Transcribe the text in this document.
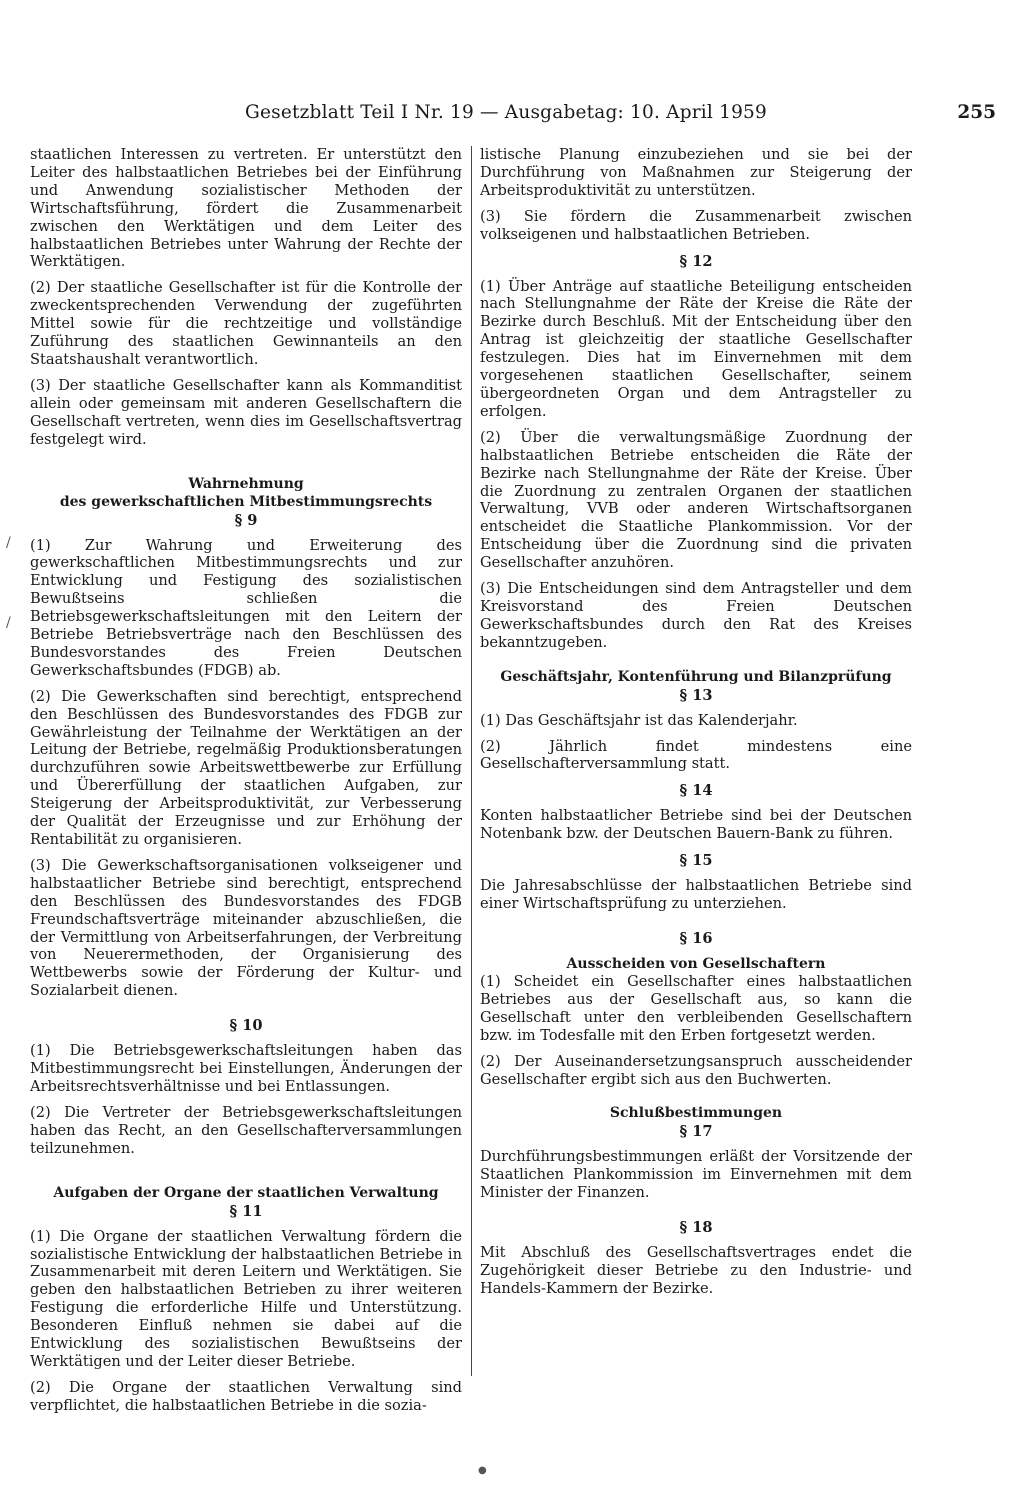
Gesetzblatt Teil I Nr. 19 — Ausgabetag: 10. April 1959	255

staatlichen Interessen zu vertreten. Er unterstützt den Leiter des halbstaatlichen Betriebes bei der Einführung und Anwendung sozialistischer Methoden der Wirtschaftsführung, fördert die Zusammenarbeit zwischen den Werktätigen und dem Leiter des halbstaatlichen Betriebes unter Wahrung der Rechte der Werktätigen.

(2) Der staatliche Gesellschafter ist für die Kontrolle der zweckentsprechenden Verwendung der zugeführten Mittel sowie für die rechtzeitige und vollständige Zuführung des staatlichen Gewinnanteils an den Staatshaushalt verantwortlich.

(3) Der staatliche Gesellschafter kann als Kommanditist allein oder gemeinsam mit anderen Gesellschaftern die Gesellschaft vertreten, wenn dies im Gesellschaftsvertrag festgelegt wird.

Wahrnehmung
des gewerkschaftlichen Mitbestimmungsrechts
§ 9

(1) Zur Wahrung und Erweiterung des gewerkschaftlichen Mitbestimmungsrechts und zur Entwicklung und Festigung des sozialistischen Bewußtseins schließen die Betriebsgewerkschaftsleitungen mit den Leitern der Betriebe Betriebsverträge nach den Beschlüssen des Bundesvorstandes des Freien Deutschen Gewerkschaftsbundes (FDGB) ab.

(2) Die Gewerkschaften sind berechtigt, entsprechend den Beschlüssen des Bundesvorstandes des FDGB zur Gewährleistung der Teilnahme der Werktätigen an der Leitung der Betriebe, regelmäßig Produktionsberatungen durchzuführen sowie Arbeitswettbewerbe zur Erfüllung und Übererfüllung der staatlichen Aufgaben, zur Steigerung der Arbeitsproduktivität, zur Verbesserung der Qualität der Erzeugnisse und zur Erhöhung der Rentabilität zu organisieren.

(3) Die Gewerkschaftsorganisationen volkseigener und halbstaatlicher Betriebe sind berechtigt, entsprechend den Beschlüssen des Bundesvorstandes des FDGB Freundschaftsverträge miteinander abzuschließen, die der Vermittlung von Arbeitserfahrungen, der Verbreitung von Neuerermethoden, der Organisierung des Wettbewerbs sowie der Förderung der Kultur- und Sozialarbeit dienen.

§ 10

(1) Die Betriebsgewerkschaftsleitungen haben das Mitbestimmungsrecht bei Einstellungen, Änderungen der Arbeitsrechtsverhältnisse und bei Entlassungen.

(2) Die Vertreter der Betriebsgewerkschaftsleitungen haben das Recht, an den Gesellschafterversammlungen teilzunehmen.

Aufgaben der Organe der staatlichen Verwaltung
§ 11

(1) Die Organe der staatlichen Verwaltung fördern die sozialistische Entwicklung der halbstaatlichen Betriebe in Zusammenarbeit mit deren Leitern und Werktätigen. Sie geben den halbstaatlichen Betrieben zu ihrer weiteren Festigung die erforderliche Hilfe und Unterstützung. Besonderen Einfluß nehmen sie dabei auf die Entwicklung des sozialistischen Bewußtseins der Werktätigen und der Leiter dieser Betriebe.

(2) Die Organe der staatlichen Verwaltung sind verpflichtet, die halbstaatlichen Betriebe in die sozia-

listische Planung einzubeziehen und sie bei der Durchführung von Maßnahmen zur Steigerung der Arbeitsproduktivität zu unterstützen.

(3) Sie fördern die Zusammenarbeit zwischen volkseigenen und halbstaatlichen Betrieben.

§ 12

(1) Über Anträge auf staatliche Beteiligung entscheiden nach Stellungnahme der Räte der Kreise die Räte der Bezirke durch Beschluß. Mit der Entscheidung über den Antrag ist gleichzeitig der staatliche Gesellschafter festzulegen. Dies hat im Einvernehmen mit dem vorgesehenen staatlichen Gesellschafter, seinem übergeordneten Organ und dem Antragsteller zu erfolgen.

(2) Über die verwaltungsmäßige Zuordnung der halbstaatlichen Betriebe entscheiden die Räte der Bezirke nach Stellungnahme der Räte der Kreise. Über die Zuordnung zu zentralen Organen der staatlichen Verwaltung, VVB oder anderen Wirtschaftsorganen entscheidet die Staatliche Plankommission. Vor der Entscheidung über die Zuordnung sind die privaten Gesellschafter anzuhören.

(3) Die Entscheidungen sind dem Antragsteller und dem Kreisvorstand des Freien Deutschen Gewerkschaftsbundes durch den Rat des Kreises bekanntzugeben.

Geschäftsjahr, Kontenführung und Bilanzprüfung
§ 13

(1) Das Geschäftsjahr ist das Kalenderjahr.

(2) Jährlich findet mindestens eine Gesellschafterversammlung statt.

§ 14

Konten halbstaatlicher Betriebe sind bei der Deutschen Notenbank bzw. der Deutschen Bauern-Bank zu führen.

§ 15

Die Jahresabschlüsse der halbstaatlichen Betriebe sind einer Wirtschaftsprüfung zu unterziehen.

§ 16
Ausscheiden von Gesellschaftern

(1) Scheidet ein Gesellschafter eines halbstaatlichen Betriebes aus der Gesellschaft aus, so kann die Gesellschaft unter den verbleibenden Gesellschaftern bzw. im Todesfalle mit den Erben fortgesetzt werden.

(2) Der Auseinandersetzungsanspruch ausscheidender Gesellschafter ergibt sich aus den Buchwerten.

Schlußbestimmungen
§ 17

Durchführungsbestimmungen erläßt der Vorsitzende der Staatlichen Plankommission im Einvernehmen mit dem Minister der Finanzen.

§ 18

Mit Abschluß des Gesellschaftsvertrages endet die Zugehörigkeit dieser Betriebe zu den Industrie- und Handels-Kammern der Bezirke.

/
/
●
